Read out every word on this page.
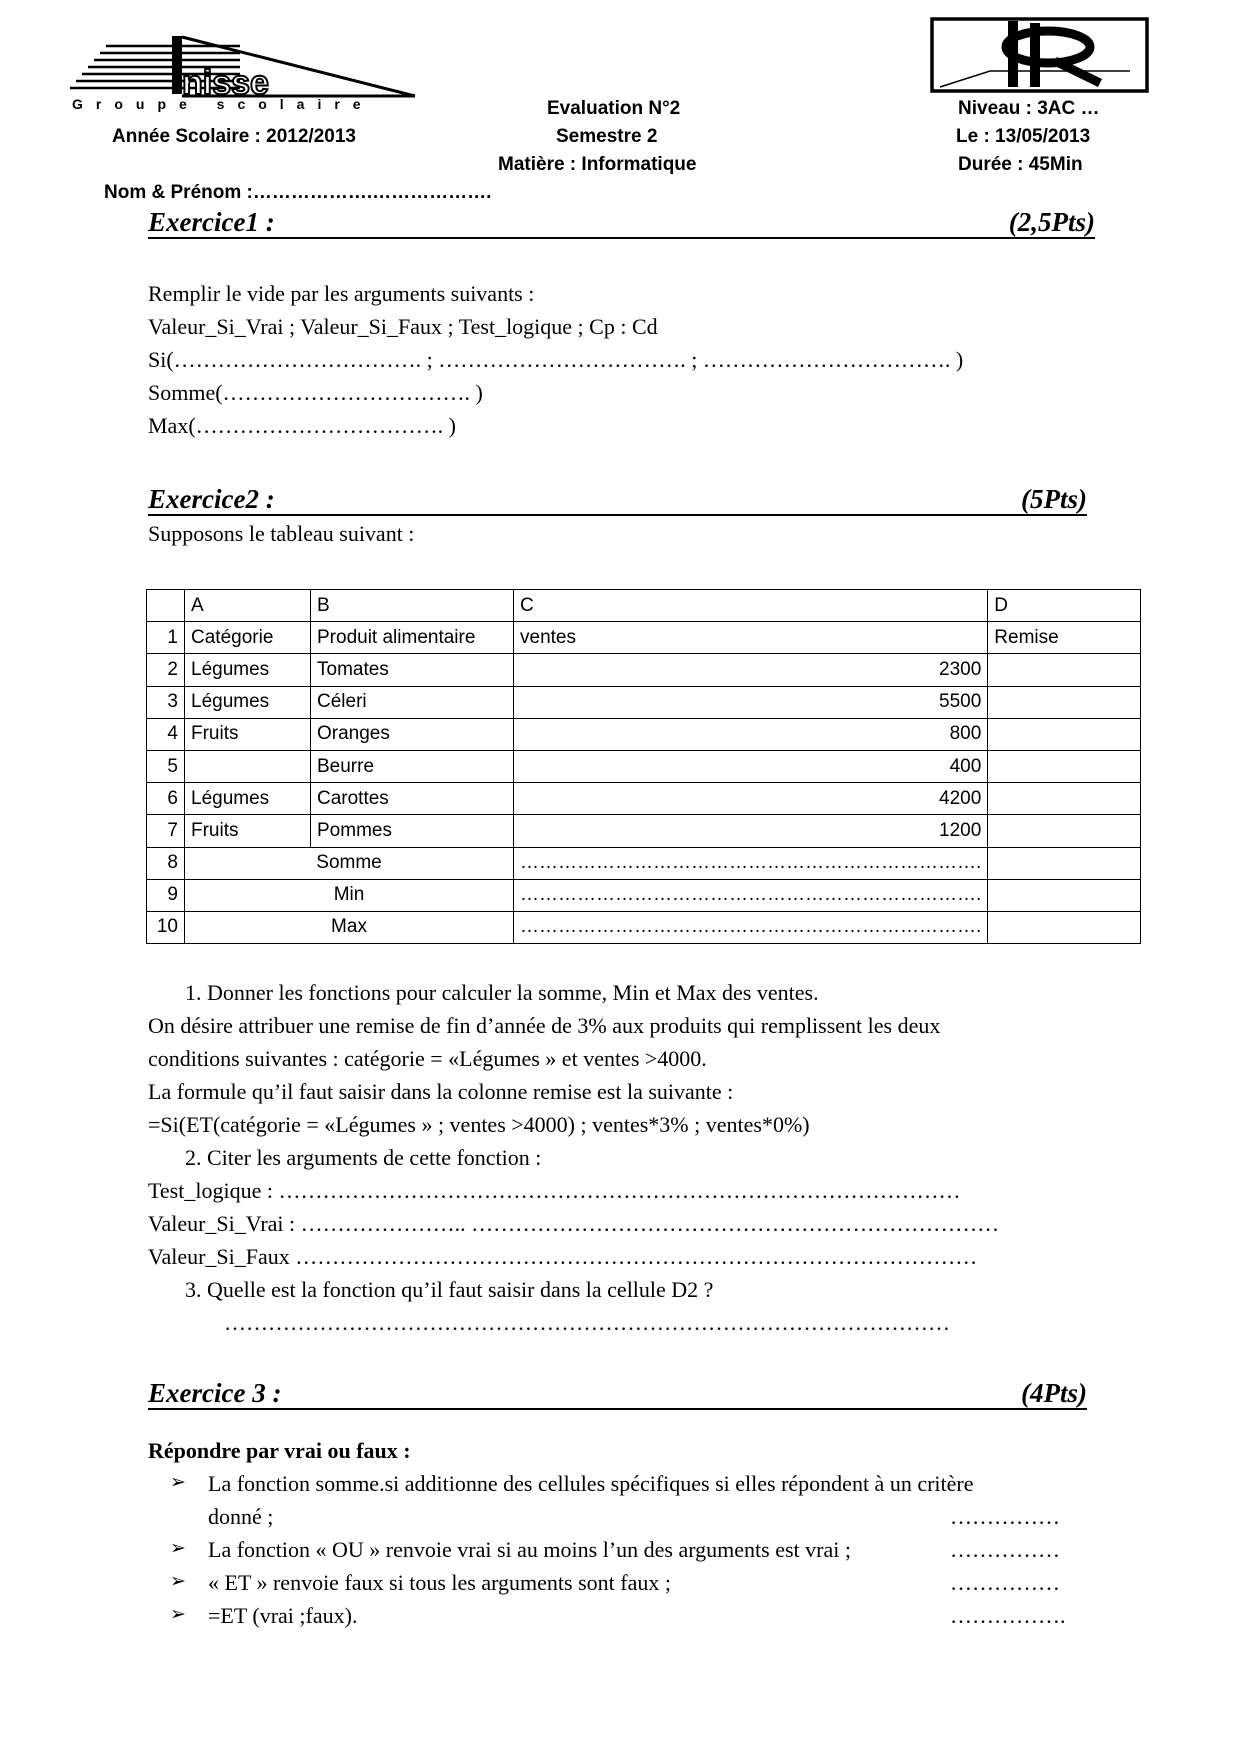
nisse
Groupe scolaire	Evaluation N°2	Niveau : 3AC …
Année Scolaire : 2012/2013	Semestre 2	Le : 13/05/2013
Matière : Informatique	Durée : 45Min
Nom & Prénom :……………….……………….
Exercice1 :	(2,5Pts)
Remplir le vide par les arguments suivants :
Valeur_Si_Vrai ; Valeur_Si_Faux ; Test_logique ; Cp : Cd
Si(……………………………. ; ……………………………. ; ……………………………. )
Somme(……………………………. )
Max(……………………………. )
Exercice2 :	(5Pts)
Supposons le tableau suivant :
	A	B	C	D
1	Catégorie	Produit alimentaire	ventes	Remise
2	Légumes	Tomates	2300	
3	Légumes	Céleri	5500	
4	Fruits	Oranges	800	
5		Beurre	400	
6	Légumes	Carottes	4200	
7	Fruits	Pommes	1200	
8	Somme		……………………………………………………………….	
9	Min		……………………………………………………………….	
10	Max		……………………………………………………………….	
1. Donner les fonctions pour calculer la somme, Min et Max des ventes.
On désire attribuer une remise de fin d’année de 3% aux produits qui remplissent les deux
conditions suivantes : catégorie = «Légumes » et ventes >4000.
La formule qu’il faut saisir dans la colonne remise est la suivante :
=Si(ET(catégorie = «Légumes » ; ventes >4000) ; ventes*3% ; ventes*0%)
2. Citer les arguments de cette fonction :
Test_logique : …………………………………………………………………………………
Valeur_Si_Vrai : ………………….. ………………………………………………………………
Valeur_Si_Faux …………………………………………………………………………………
3. Quelle est la fonction qu’il faut saisir dans la cellule D2 ?
………………………………………………………………………………………
Exercice 3 :	(4Pts)
Répondre par vrai ou faux :
➢ La fonction somme.si additionne des cellules spécifiques si elles répondent à un critère
donné ;	……………
➢ La fonction « OU » renvoie vrai si au moins l’un des arguments est vrai ;	……………
➢ « ET » renvoie faux si tous les arguments sont faux ;	……………
➢ =ET (vrai ;faux).	…………….
